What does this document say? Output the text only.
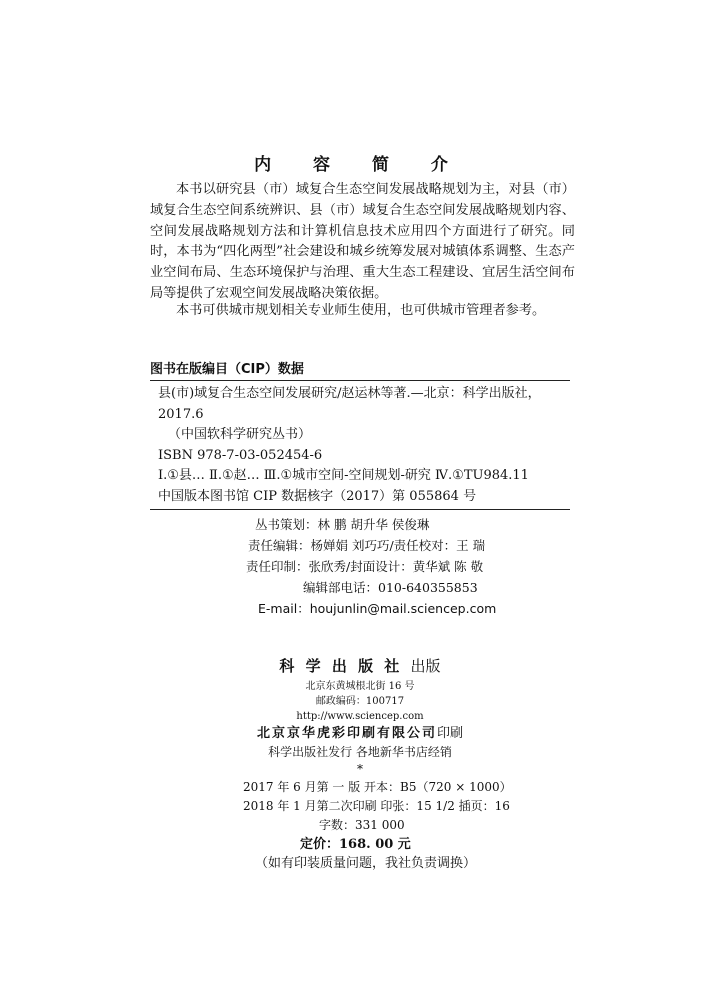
内 容 简 介

本书以研究县（市）域复合生态空间发展战略规划为主，对县（市）域复合生态空间系统辨识、县（市）域复合生态空间发展战略规划内容、空间发展战略规划方法和计算机信息技术应用四个方面进行了研究。同时，本书为“四化两型”社会建设和城乡统筹发展对城镇体系调整、生态产业空间布局、生态环境保护与治理、重大生态工程建设、宜居生活空间布局等提供了宏观空间发展战略决策依据。

本书可供城市规划相关专业师生使用，也可供城市管理者参考。

图书在版编目（CIP）数据
县(市)域复合生态空间发展研究/赵运林等著.—北京：科学出版社，
2017.6
（中国软科学研究丛书）
ISBN 978-7-03-052454-6
Ⅰ.①县… Ⅱ.①赵… Ⅲ.①城市空间-空间规划-研究 Ⅳ.①TU984.11
中国版本图书馆 CIP 数据核字（2017）第 055864 号
丛书策划：林 鹏 胡升华 侯俊琳
责任编辑：杨婵娟 刘巧巧/责任校对：王 瑞
责任印制：张欣秀/封面设计：黄华斌 陈 敬
编辑部电话：010-640355853
E-mail：houjunlin@mail.sciencep.com
科 学 出 版 社 出版
北京东黄城根北街 16 号
邮政编码：100717
http://www.sciencep.com
北京京华虎彩印刷有限公司印刷
科学出版社发行 各地新华书店经销
*
2017 年 6 月第 一 版 开本：B5（720 × 1000）
2018 年 1 月第二次印刷 印张：15 1/2 插页：16
字数：331 000
定价：168. 00 元
（如有印装质量问题，我社负责调换）
